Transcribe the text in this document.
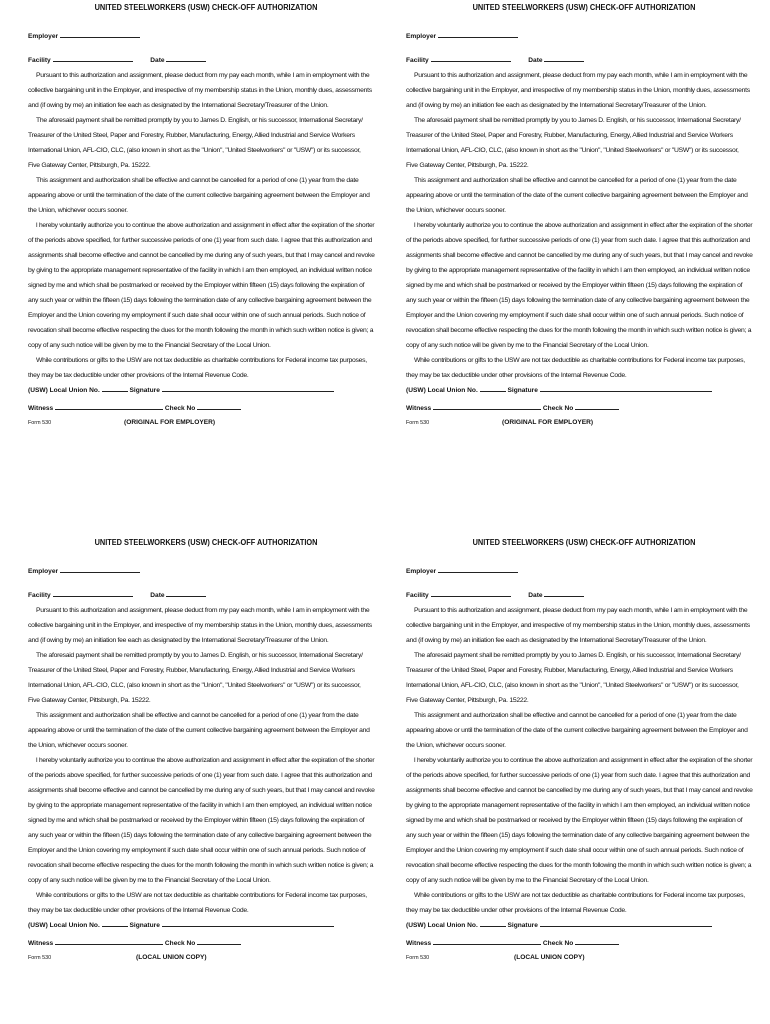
UNITED STEELWORKERS (USW) CHECK-OFF AUTHORIZATION
Employer
Facility	Date
Pursuant to this authorization and assignment, please deduct from my pay each month, while I am in employment with the
collective bargaining unit in the Employer, and irrespective of my membership status in the Union, monthly dues, assessments
and (if owing by me) an initiation fee each as designated by the International Secretary/Treasurer of the Union.
The aforesaid payment shall be remitted promptly by you to James D. English, or his successor, International Secretary/
Treasurer of the United Steel, Paper and Forestry, Rubber, Manufacturing, Energy, Allied Industrial and Service Workers
International Union, AFL-CIO, CLC, (also known in short as the "Union", "United Steelworkers" or "USW") or its successor,
Five Gateway Center, Pittsburgh, Pa. 15222.
This assignment and authorization shall be effective and cannot be cancelled for a period of one (1) year from the date
appearing above or until the termination of the date of the current collective bargaining agreement between the Employer and
the Union, whichever occurs sooner.
I hereby voluntarily authorize you to continue the above authorization and assignment in effect after the expiration of the shorter
of the periods above specified, for further successive periods of one (1) year from such date. I agree that this authorization and
assignments shall become effective and cannot be cancelled by me during any of such years, but that I may cancel and revoke
by giving to the appropriate management representative of the facility in which I am then employed, an individual written notice
signed by me and which shall be postmarked or received by the Employer within fifteen (15) days following the expiration of
any such year or within the fifteen (15) days following the termination date of any collective bargaining agreement between the
Employer and the Union covering my employment if such date shall occur within one of such annual periods. Such notice of
revocation shall become effective respecting the dues for the month following the month in which such written notice is given; a
copy of any such notice will be given by me to the Financial Secretary of the Local Union.
While contributions or gifts to the USW are not tax deductible as charitable contributions for Federal income tax purposes,
they may be tax deductible under other provisions of the Internal Revenue Code.
(USW) Local Union No.	Signature
Witness	Check No
Form 530	(ORIGINAL FOR EMPLOYER)
UNITED STEELWORKERS (USW) CHECK-OFF AUTHORIZATION
Employer
Facility	Date
Pursuant to this authorization and assignment, please deduct from my pay each month, while I am in employment with the
collective bargaining unit in the Employer, and irrespective of my membership status in the Union, monthly dues, assessments
and (if owing by me) an initiation fee each as designated by the International Secretary/Treasurer of the Union.
The aforesaid payment shall be remitted promptly by you to James D. English, or his successor, International Secretary/
Treasurer of the United Steel, Paper and Forestry, Rubber, Manufacturing, Energy, Allied Industrial and Service Workers
International Union, AFL-CIO, CLC, (also known in short as the "Union", "United Steelworkers" or "USW") or its successor,
Five Gateway Center, Pittsburgh, Pa. 15222.
This assignment and authorization shall be effective and cannot be cancelled for a period of one (1) year from the date
appearing above or until the termination of the date of the current collective bargaining agreement between the Employer and
the Union, whichever occurs sooner.
I hereby voluntarily authorize you to continue the above authorization and assignment in effect after the expiration of the shorter
of the periods above specified, for further successive periods of one (1) year from such date. I agree that this authorization and
assignments shall become effective and cannot be cancelled by me during any of such years, but that I may cancel and revoke
by giving to the appropriate management representative of the facility in which I am then employed, an individual written notice
signed by me and which shall be postmarked or received by the Employer within fifteen (15) days following the expiration of
any such year or within the fifteen (15) days following the termination date of any collective bargaining agreement between the
Employer and the Union covering my employment if such date shall occur within one of such annual periods. Such notice of
revocation shall become effective respecting the dues for the month following the month in which such written notice is given; a
copy of any such notice will be given by me to the Financial Secretary of the Local Union.
While contributions or gifts to the USW are not tax deductible as charitable contributions for Federal income tax purposes,
they may be tax deductible under other provisions of the Internal Revenue Code.
(USW) Local Union No.	Signature
Witness	Check No
Form 530	(ORIGINAL FOR EMPLOYER)
UNITED STEELWORKERS (USW) CHECK-OFF AUTHORIZATION
Employer
Facility	Date
Pursuant to this authorization and assignment, please deduct from my pay each month, while I am in employment with the
collective bargaining unit in the Employer, and irrespective of my membership status in the Union, monthly dues, assessments
and (if owing by me) an initiation fee each as designated by the International Secretary/Treasurer of the Union.
The aforesaid payment shall be remitted promptly by you to James D. English, or his successor, International Secretary/
Treasurer of the United Steel, Paper and Forestry, Rubber, Manufacturing, Energy, Allied Industrial and Service Workers
International Union, AFL-CIO, CLC, (also known in short as the "Union", "United Steelworkers" or "USW") or its successor,
Five Gateway Center, Pittsburgh, Pa. 15222.
This assignment and authorization shall be effective and cannot be cancelled for a period of one (1) year from the date
appearing above or until the termination of the date of the current collective bargaining agreement between the Employer and
the Union, whichever occurs sooner.
I hereby voluntarily authorize you to continue the above authorization and assignment in effect after the expiration of the shorter
of the periods above specified, for further successive periods of one (1) year from such date. I agree that this authorization and
assignments shall become effective and cannot be cancelled by me during any of such years, but that I may cancel and revoke
by giving to the appropriate management representative of the facility in which I am then employed, an individual written notice
signed by me and which shall be postmarked or received by the Employer within fifteen (15) days following the expiration of
any such year or within the fifteen (15) days following the termination date of any collective bargaining agreement between the
Employer and the Union covering my employment if such date shall occur within one of such annual periods. Such notice of
revocation shall become effective respecting the dues for the month following the month in which such written notice is given; a
copy of any such notice will be given by me to the Financial Secretary of the Local Union.
While contributions or gifts to the USW are not tax deductible as charitable contributions for Federal income tax purposes,
they may be tax deductible under other provisions of the Internal Revenue Code.
(USW) Local Union No.	Signature
Witness	Check No
Form 530	(LOCAL UNION COPY)
UNITED STEELWORKERS (USW) CHECK-OFF AUTHORIZATION
Employer
Facility	Date
Pursuant to this authorization and assignment, please deduct from my pay each month, while I am in employment with the
collective bargaining unit in the Employer, and irrespective of my membership status in the Union, monthly dues, assessments
and (if owing by me) an initiation fee each as designated by the International Secretary/Treasurer of the Union.
The aforesaid payment shall be remitted promptly by you to James D. English, or his successor, International Secretary/
Treasurer of the United Steel, Paper and Forestry, Rubber, Manufacturing, Energy, Allied Industrial and Service Workers
International Union, AFL-CIO, CLC, (also known in short as the "Union", "United Steelworkers" or "USW") or its successor,
Five Gateway Center, Pittsburgh, Pa. 15222.
This assignment and authorization shall be effective and cannot be cancelled for a period of one (1) year from the date
appearing above or until the termination of the date of the current collective bargaining agreement between the Employer and
the Union, whichever occurs sooner.
I hereby voluntarily authorize you to continue the above authorization and assignment in effect after the expiration of the shorter
of the periods above specified, for further successive periods of one (1) year from such date. I agree that this authorization and
assignments shall become effective and cannot be cancelled by me during any of such years, but that I may cancel and revoke
by giving to the appropriate management representative of the facility in which I am then employed, an individual written notice
signed by me and which shall be postmarked or received by the Employer within fifteen (15) days following the expiration of
any such year or within the fifteen (15) days following the termination date of any collective bargaining agreement between the
Employer and the Union covering my employment if such date shall occur within one of such annual periods. Such notice of
revocation shall become effective respecting the dues for the month following the month in which such written notice is given; a
copy of any such notice will be given by me to the Financial Secretary of the Local Union.
While contributions or gifts to the USW are not tax deductible as charitable contributions for Federal income tax purposes,
they may be tax deductible under other provisions of the Internal Revenue Code.
(USW) Local Union No.	Signature
Witness	Check No
Form 530	(LOCAL UNION COPY)
